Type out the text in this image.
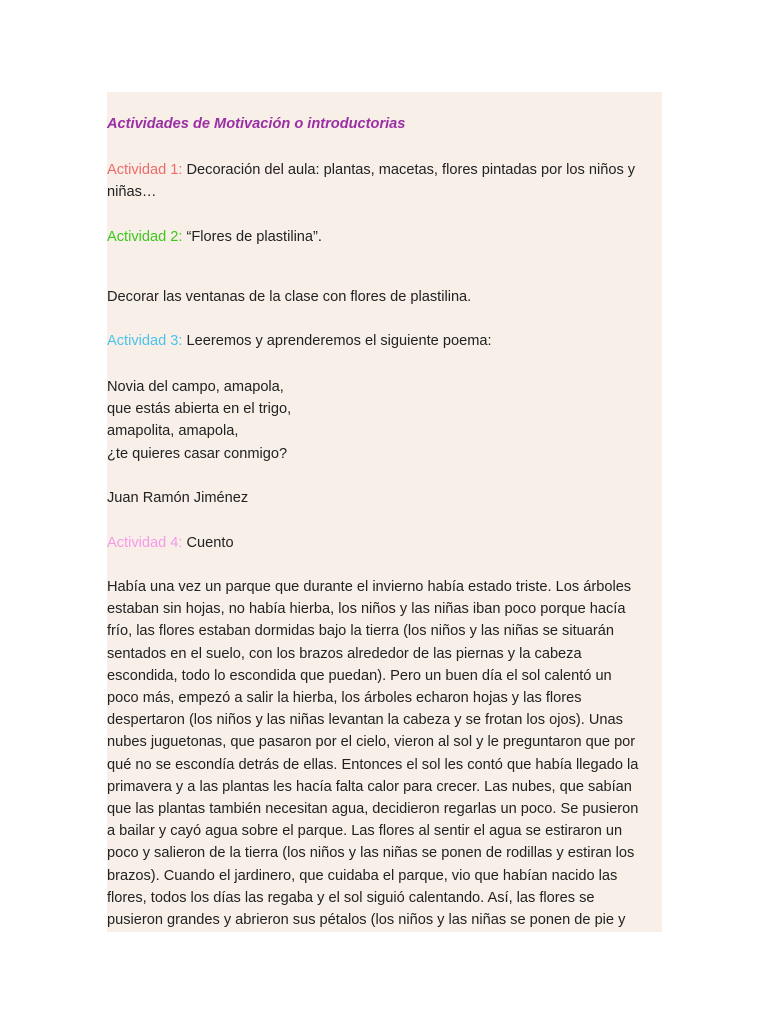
Actividades de Motivación o introductorias
Actividad 1: Decoración del aula: plantas, macetas, flores pintadas por los niños y
niñas…
Actividad 2: “Flores de plastilina”.
Decorar las ventanas de la clase con flores de plastilina.
Actividad 3: Leeremos y aprenderemos el siguiente poema:
Novia del campo, amapola,
que estás abierta en el trigo,
amapolita, amapola,
¿te quieres casar conmigo?
Juan Ramón Jiménez
Actividad 4: Cuento
Había una vez un parque que durante el invierno había estado triste. Los árboles
estaban sin hojas, no había hierba, los niños y las niñas iban poco porque hacía
frío, las flores estaban dormidas bajo la tierra (los niños y las niñas se situarán
sentados en el suelo, con los brazos alrededor de las piernas y la cabeza
escondida, todo lo escondida que puedan). Pero un buen día el sol calentó un
poco más, empezó a salir la hierba, los árboles echaron hojas y las flores
despertaron (los niños y las niñas levantan la cabeza y se frotan los ojos). Unas
nubes juguetonas, que pasaron por el cielo, vieron al sol y le preguntaron que por
qué no se escondía detrás de ellas. Entonces el sol les contó que había llegado la
primavera y a las plantas les hacía falta calor para crecer. Las nubes, que sabían
que las plantas también necesitan agua, decidieron regarlas un poco. Se pusieron
a bailar y cayó agua sobre el parque. Las flores al sentir el agua se estiraron un
poco y salieron de la tierra (los niños y las niñas se ponen de rodillas y estiran los
brazos). Cuando el jardinero, que cuidaba el parque, vio que habían nacido las
flores, todos los días las regaba y el sol siguió calentando. Así, las flores se
pusieron grandes y abrieron sus pétalos (los niños y las niñas se ponen de pie y
